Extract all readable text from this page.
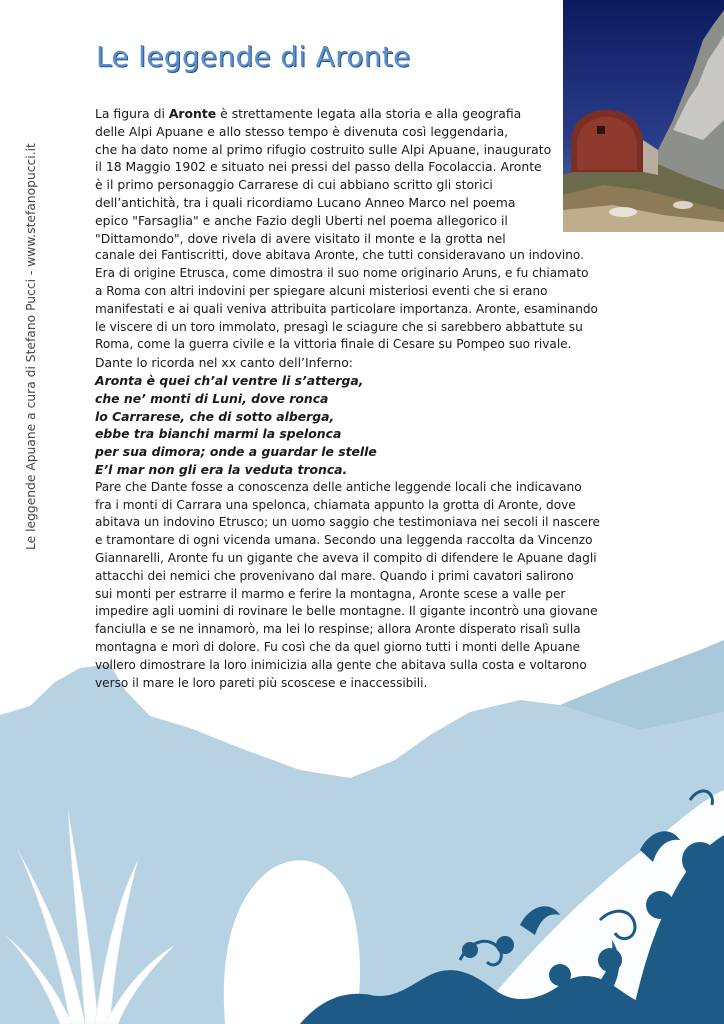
Le leggende Apuane a cura di Stefano Pucci - www.stefanopucci.it
Le leggende di Aronte
La figura di Aronte è strettamente legata alla storia e alla geografia
delle Alpi Apuane e allo stesso tempo è divenuta così leggendaria,
che ha dato nome al primo rifugio costruito sulle Alpi Apuane, inaugurato
il 18 Maggio 1902 e situato nei pressi del passo della Focolaccia. Aronte
è il primo personaggio Carrarese di cui abbiano scritto gli storici
dell’antichità, tra i quali ricordiamo Lucano Anneo Marco nel poema
epico "Farsaglia" e anche Fazio degli Uberti nel poema allegorico il
"Dittamondo", dove rivela di avere visitato il monte e la grotta nel
canale dei Fantiscritti, dove abitava Aronte, che tutti consideravano un indovino.
Era di origine Etrusca, come dimostra il suo nome originario Aruns, e fu chiamato
a Roma con altri indovini per spiegare alcuni misteriosi eventi che si erano
manifestati e ai quali veniva attribuita particolare importanza. Aronte, esaminando
le viscere di un toro immolato, presagì le sciagure che si sarebbero abbattute su
Roma, come la guerra civile e la vittoria finale di Cesare su Pompeo suo rivale.
Dante lo ricorda nel xx canto dell’Inferno:
Aronta è quei ch’al ventre li s’atterga,
che ne’ monti di Luni, dove ronca
lo Carrarese, che di sotto alberga,
ebbe tra bianchi marmi la spelonca
per sua dimora; onde a guardar le stelle
E’l mar non gli era la veduta tronca.
Pare che Dante fosse a conoscenza delle antiche leggende locali che indicavano
fra i monti di Carrara una spelonca, chiamata appunto la grotta di Aronte, dove
abitava un indovino Etrusco; un uomo saggio che testimoniava nei secoli il nascere
e tramontare di ogni vicenda umana. Secondo una leggenda raccolta da Vincenzo
Giannarelli, Aronte fu un gigante che aveva il compito di difendere le Apuane dagli
attacchi dei nemici che provenivano dal mare. Quando i primi cavatori salirono
sui monti per estrarre il marmo e ferire la montagna, Aronte scese a valle per
impedire agli uomini di rovinare le belle montagne. Il gigante incontrò una giovane
fanciulla e se ne innamorò, ma lei lo respinse; allora Aronte disperato risalì sulla
montagna e morì di dolore. Fu così che da quel giorno tutti i monti delle Apuane
vollero dimostrare la loro inimicizia alla gente che abitava sulla costa e voltarono
verso il mare le loro pareti più scoscese e inaccessibili.
